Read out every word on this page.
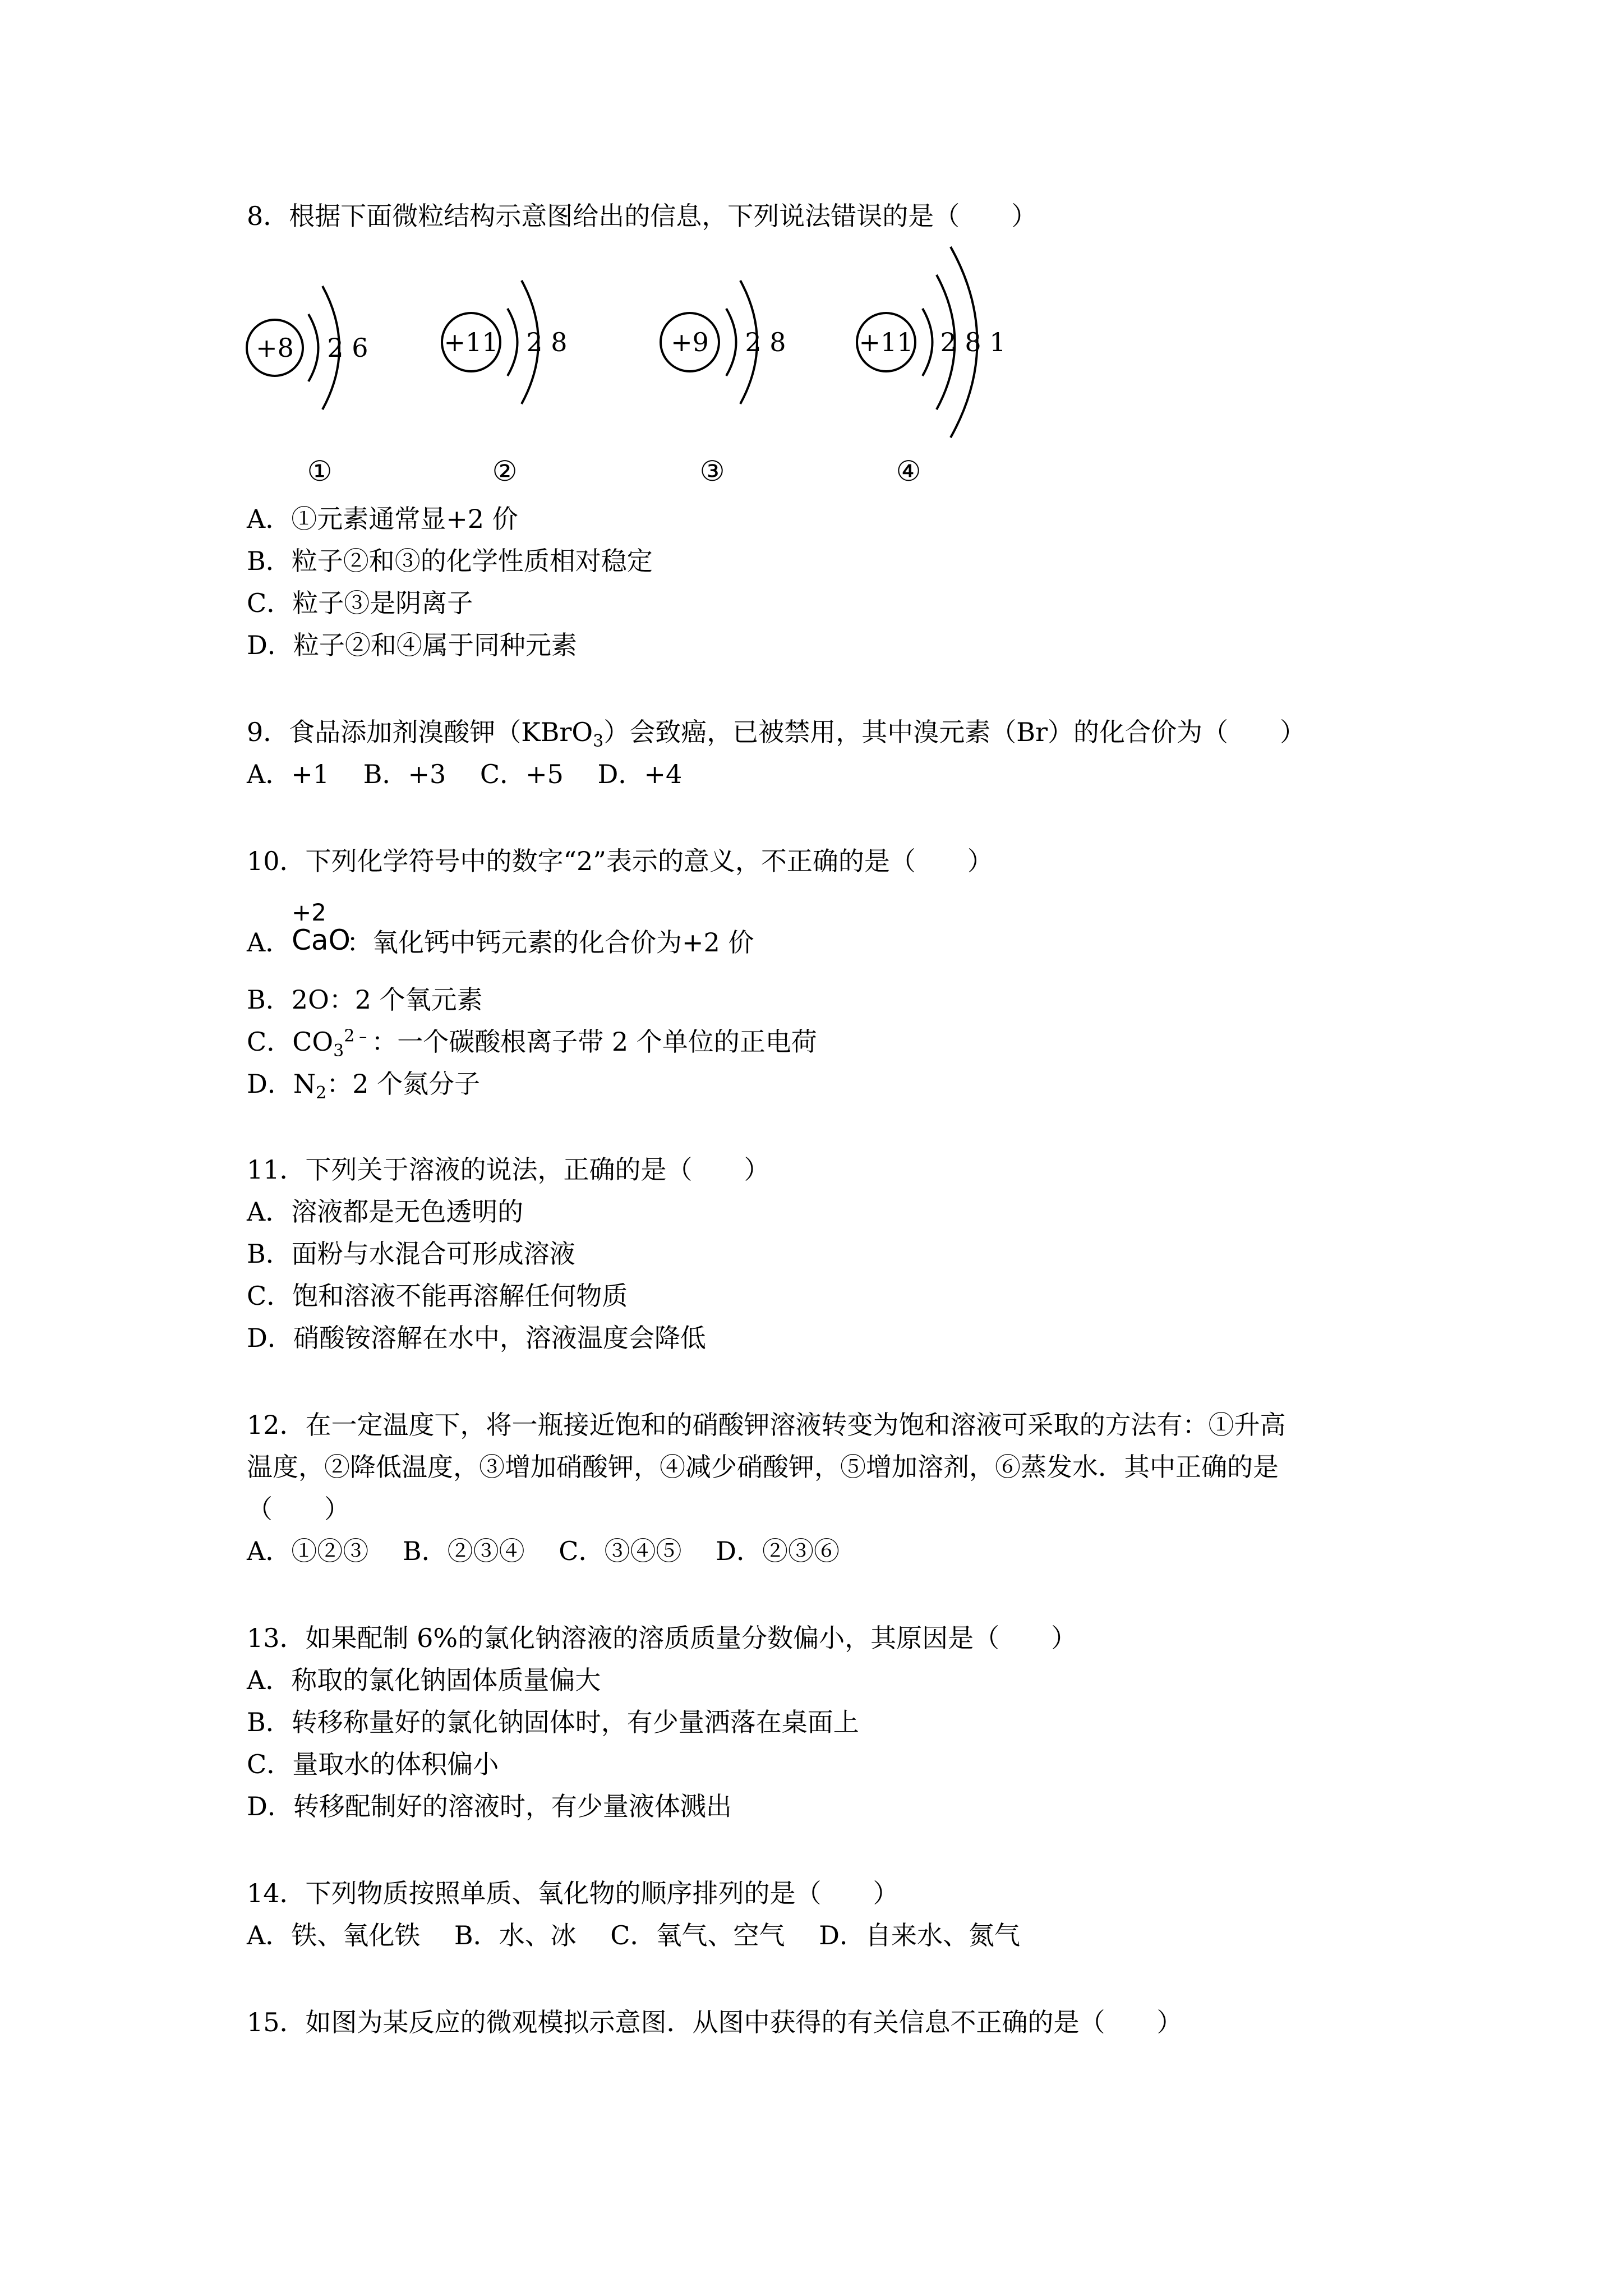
8．根据下面微粒结构示意图给出的信息，下列说法错误的是（　　）
+8 2 6	+11 2 8	+9 2 8	+11 2 8 1
①	②	③	④
A．①元素通常显+2 价
B．粒子②和③的化学性质相对稳定
C．粒子③是阴离子
D．粒子②和④属于同种元素
9．食品添加剂溴酸钾（KBrO$_3$）会致癌，已被禁用，其中溴元素（Br）的化合价为（　　）
A．+1　 B．+3　 C．+5　 D．+4
10．下列化学符号中的数字“2”表示的意义，不正确的是（　　）
A．
+2
CaO
：氧化钙中钙元素的化合价为+2 价
B．2O：2 个氧元素
C．$CO_3^{2﹣}$：一个碳酸根离子带 2 个单位的正电荷
D．$N_2$：2 个氮分子
11．下列关于溶液的说法，正确的是（　　）
A．溶液都是无色透明的
B．面粉与水混合可形成溶液
C．饱和溶液不能再溶解任何物质
D．硝酸铵溶解在水中，溶液温度会降低
12．在一定温度下，将一瓶接近饱和的硝酸钾溶液转变为饱和溶液可采取的方法有：①升高
温度，②降低温度，③增加硝酸钾，④减少硝酸钾，⑤增加溶剂，⑥蒸发水．其中正确的是
（　　）
A．①②③　 B．②③④　 C．③④⑤　 D．②③⑥
13．如果配制 6%的氯化钠溶液的溶质质量分数偏小，其原因是（　　）
A．称取的氯化钠固体质量偏大
B．转移称量好的氯化钠固体时，有少量洒落在桌面上
C．量取水的体积偏小
D．转移配制好的溶液时，有少量液体溅出
14．下列物质按照单质、氧化物的顺序排列的是（　　）
A．铁、氧化铁　 B．水、冰　 C．氧气、空气　 D．自来水、氮气
15．如图为某反应的微观模拟示意图．从图中获得的有关信息不正确的是（　　）
